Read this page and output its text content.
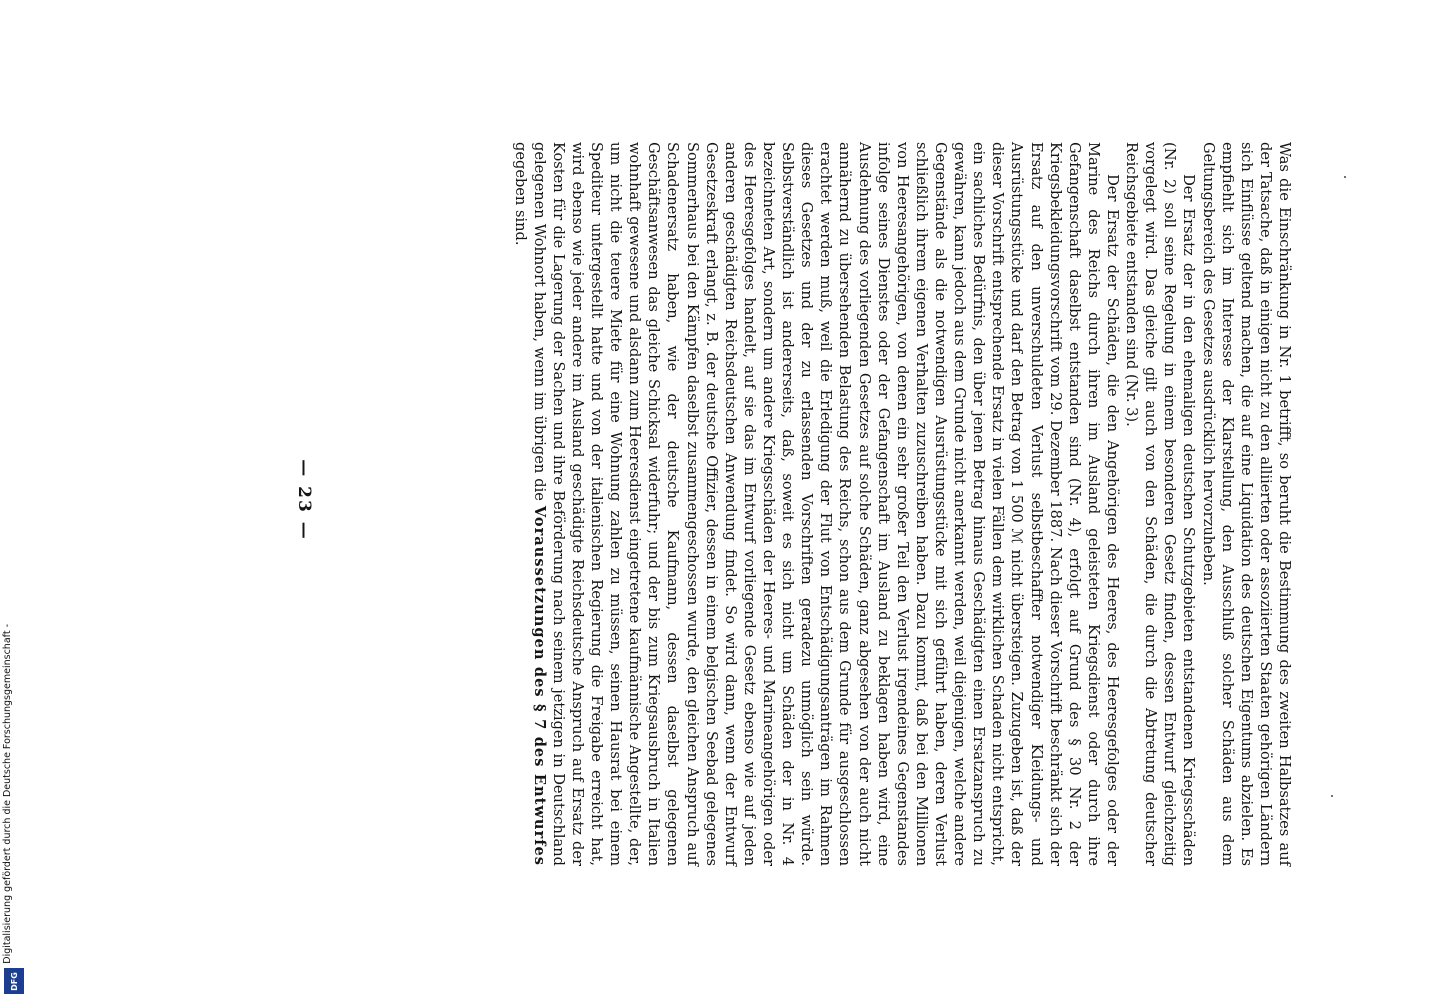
— 23 —	Was die Einschränkung in Nr. 1 betrifft, so beruht die Bestimmung des zweiten Halbsatzes auf der Tatsache, daß in einigen nicht zu den alliierten oder assoziierten Staaten gehörigen Ländern sich Einflüsse geltend machen, die auf eine Liquidation des deutschen Eigentums abzielen. Es empfiehlt sich im Interesse der Klarstellung, den Ausschluß solcher Schäden aus dem Geltungsbereich des Gesetzes ausdrücklich hervorzuheben.

Der Ersatz der in den ehemaligen deutschen Schutzgebieten entstandenen Kriegsschäden (Nr. 2) soll seine Regelung in einem besonderen Gesetz finden, dessen Entwurf gleichzeitig vorgelegt wird. Das gleiche gilt auch von den Schäden, die durch die Abtretung deutscher Reichsgebiete entstanden sind (Nr. 3).

Der Ersatz der Schäden, die den Angehörigen des Heeres, des Heeresgefolges oder der Marine des Reichs durch ihren im Ausland geleisteten Kriegsdienst oder durch ihre Gefangenschaft daselbst entstanden sind (Nr. 4), erfolgt auf Grund des § 30 Nr. 2 der Kriegsbekleidungsvorschrift vom 29. Dezember 1887. Nach dieser Vorschrift beschränkt sich der Ersatz auf den unverschuldeten Verlust selbstbeschaffter notwendiger Kleidungs- und Ausrüstungsstücke und darf den Betrag von 1 500 ℳ nicht übersteigen. Zuzugeben ist, daß der dieser Vorschrift entsprechende Ersatz in vielen Fällen dem wirklichen Schaden nicht entspricht, ein sachliches Bedürfnis, den über jenen Betrag hinaus Geschädigten einen Ersatzanspruch zu gewähren, kann jedoch aus dem Grunde nicht anerkannt werden, weil diejenigen, welche andere Gegenstände als die notwendigen Ausrüstungsstücke mit sich geführt haben, deren Verlust schließlich ihrem eigenen Verhalten zuzuschreiben haben. Dazu kommt, daß bei den Millionen von Heeresangehörigen, von denen ein sehr großer Teil den Verlust irgendeines Gegenstandes infolge seines Dienstes oder der Gefangenschaft im Ausland zu beklagen haben wird, eine Ausdehnung des vorliegenden Gesetzes auf solche Schäden, ganz abgesehen von der auch nicht annähernd zu übersehenden Belastung des Reichs, schon aus dem Grunde für ausgeschlossen erachtet werden muß, weil die Erledigung der Flut von Entschädigungsanträgen im Rahmen dieses Gesetzes und der zu erlassenden Vorschriften geradezu unmöglich sein würde. Selbstverständlich ist andererseits, daß, soweit es sich nicht um Schäden der in Nr. 4 bezeichneten Art, sondern um andere Kriegsschäden der Heeres- und Marineangehörigen oder des Heeresgefolges handelt, auf sie das im Entwurf vorliegende Gesetz ebenso wie auf jeden anderen geschädigten Reichsdeutschen Anwendung findet. So wird dann, wenn der Entwurf Gesetzeskraft erlangt, z. B. der deutsche Offizier, dessen in einem belgischen Seebad gelegenes Sommerhaus bei den Kämpfen daselbst zusammengeschossen wurde, den gleichen Anspruch auf Schadenersatz haben, wie der deutsche Kaufmann, dessen daselbst gelegenen Geschäftsanwesen das gleiche Schicksal widerfuhr; und der bis zum Kriegsausbruch in Italien wohnhaft gewesene und alsdann zum Heeresdienst eingetretene kaufmännische Angestellte, der, um nicht die teuere Miete für eine Wohnung zahlen zu müssen, seinen Hausrat bei einem Spediteur untergestellt hatte und von der italienischen Regierung die Freigabe erreicht hat, wird ebenso wie jeder andere im Ausland geschädigte Reichsdeutsche Anspruch auf Ersatz der Kosten für die Lagerung der Sachen und ihre Beförderung nach seinem jetzigen in Deutschland gelegenen Wohnort haben, wenn im übrigen die Voraussetzungen des § 7 des Entwurfes gegeben sind.

Digitalisierung gefördert durch die Deutsche Forschungsgemeinschaft -
DFG
